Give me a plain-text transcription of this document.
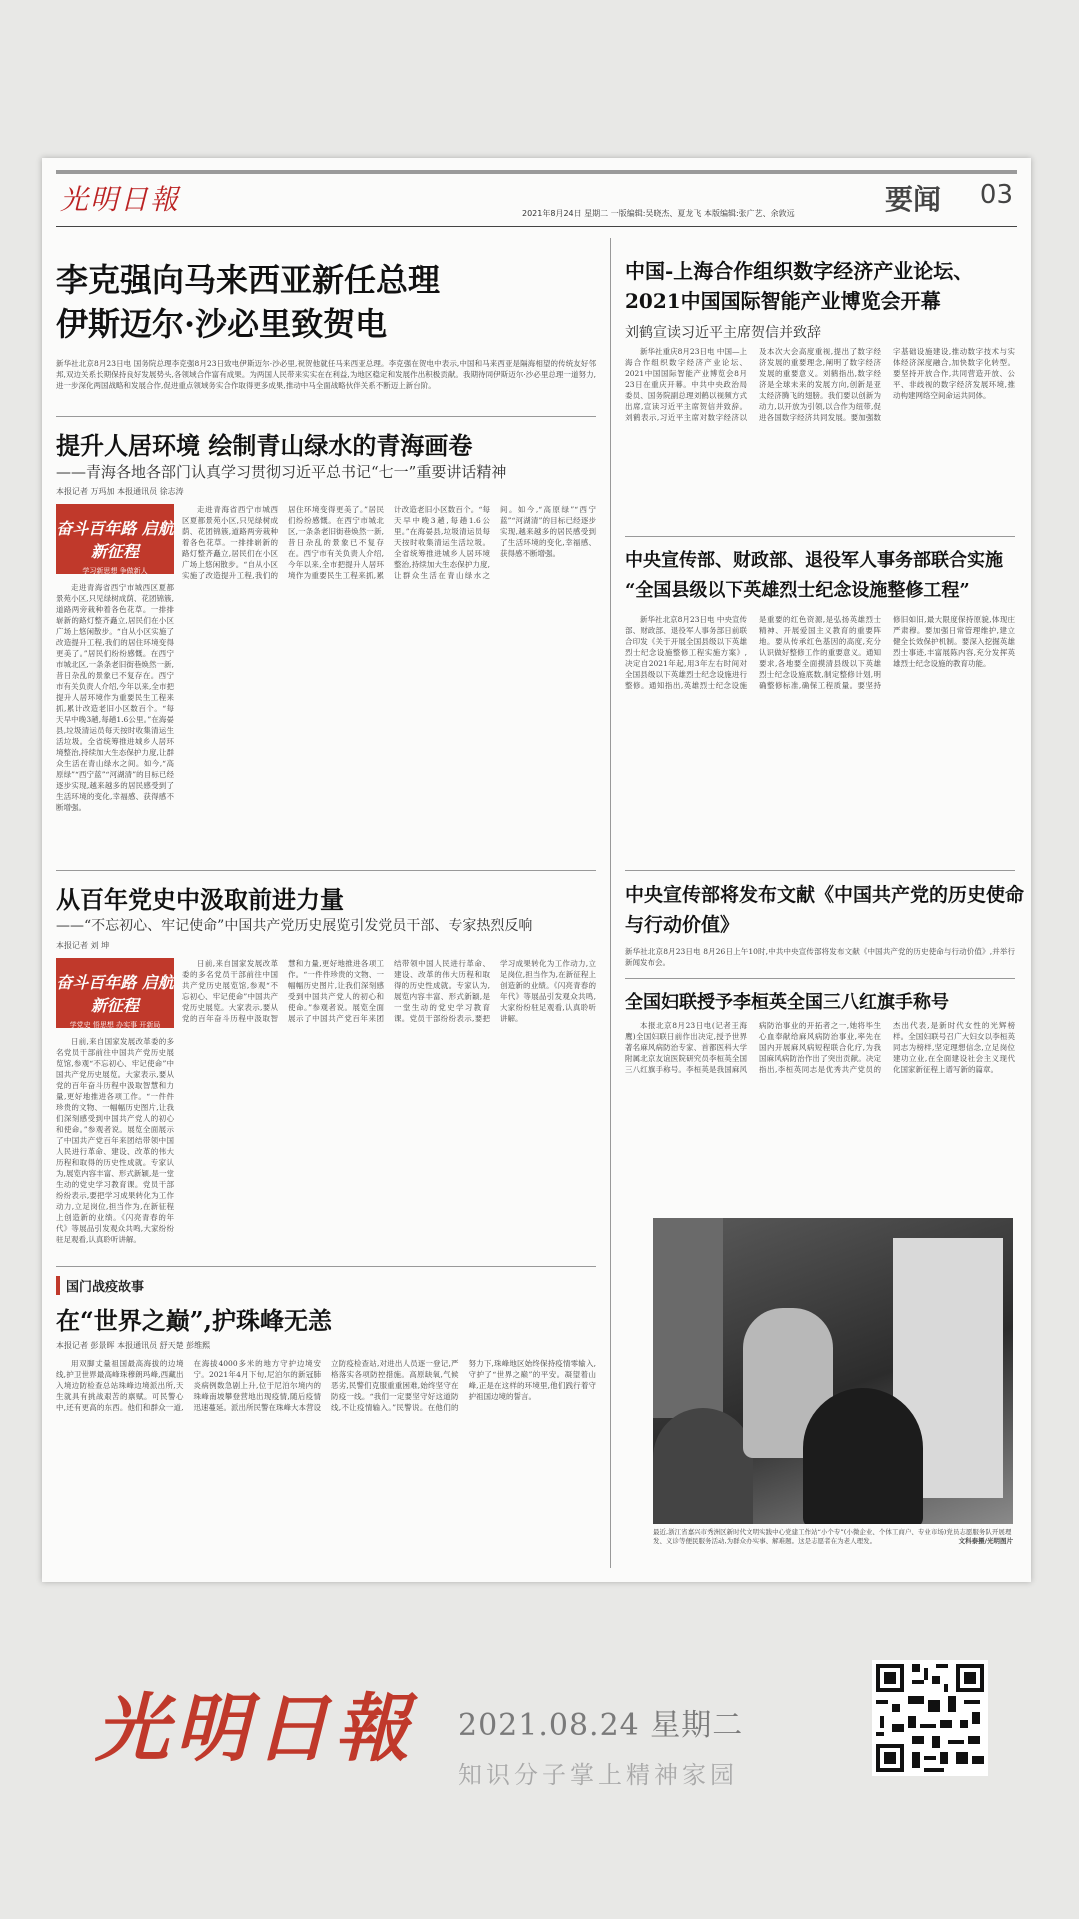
光明日報	要闻 03
2021年8月24日 星期二 一版编辑:吴晓杰、夏龙飞 本版编辑:张广艺、余敦远
李克强向马来西亚新任总理
伊斯迈尔·沙必里致贺电
新华社北京8月23日电 国务院总理李克强8月23日致电伊斯迈尔·沙必里,祝贺他就任马来西亚总理。李克强在贺电中表示,中国和马来西亚是隔海相望的传统友好邻邦,双边关系长期保持良好发展势头,各领域合作富有成果。为两国人民带来实实在在利益,为地区稳定和发展作出积极贡献。我期待同伊斯迈尔·沙必里总理一道努力,进一步深化两国战略和发展合作,促进重点领域务实合作取得更多成果,推动中马全面战略伙伴关系不断迈上新台阶。
提升人居环境 绘制青山绿水的青海画卷
——青海各地各部门认真学习贯彻习近平总书记“七一”重要讲话精神
本报记者 万玛加 本报通讯员 徐志涛
奋斗百年路 启航新征程
学习新思想 争做新人

走进青海省西宁市城西区夏都景苑小区,只见绿树成荫、花团锦簇,道路两旁栽种着各色花草。一排排崭新的路灯整齐矗立,居民们在小区广场上悠闲散步。“自从小区实施了改造提升工程,我们的居住环境变得更美了。”居民们纷纷感慨。在西宁市城北区,一条条老旧街巷焕然一新,昔日杂乱的景象已不复存在。西宁市有关负责人介绍,今年以来,全市把提升人居环境作为重要民生工程来抓,累计改造老旧小区数百个。“每天早中晚3趟,每趟1.6公里。”在海晏县,垃圾清运员每天按时收集清运生活垃圾。全省统筹推进城乡人居环境整治,持续加大生态保护力度,让群众生活在青山绿水之间。如今,“高原绿”“西宁蓝”“河湖清”的目标已经逐步实现,越来越多的居民感受到了生活环境的变化,幸福感、获得感不断增强。

走进青海省西宁市城西区夏都景苑小区,只见绿树成荫、花团锦簇,道路两旁栽种着各色花草。一排排崭新的路灯整齐矗立,居民们在小区广场上悠闲散步。“自从小区实施了改造提升工程,我们的居住环境变得更美了。”居民们纷纷感慨。在西宁市城北区,一条条老旧街巷焕然一新,昔日杂乱的景象已不复存在。西宁市有关负责人介绍,今年以来,全市把提升人居环境作为重要民生工程来抓,累计改造老旧小区数百个。“每天早中晚3趟,每趟1.6公里。”在海晏县,垃圾清运员每天按时收集清运生活垃圾。全省统筹推进城乡人居环境整治,持续加大生态保护力度,让群众生活在青山绿水之间。如今,“高原绿”“西宁蓝”“河湖清”的目标已经逐步实现,越来越多的居民感受到了生活环境的变化,幸福感、获得感不断增强。

从百年党史中汲取前进力量
——“不忘初心、牢记使命”中国共产党历史展览引发党员干部、专家热烈反响
本报记者 刘 坤
奋斗百年路 启航新征程
学党史 悟思想 办实事 开新局

日前,来自国家发展改革委的多名党员干部前往中国共产党历史展览馆,参观“不忘初心、牢记使命”中国共产党历史展览。大家表示,要从党的百年奋斗历程中汲取智慧和力量,更好地推进各项工作。“一件件珍贵的文物、一幅幅历史图片,让我们深刻感受到中国共产党人的初心和使命。”参观者说。展览全面展示了中国共产党百年来团结带领中国人民进行革命、建设、改革的伟大历程和取得的历史性成就。专家认为,展览内容丰富、形式新颖,是一堂生动的党史学习教育课。党员干部纷纷表示,要把学习成果转化为工作动力,立足岗位,担当作为,在新征程上创造新的业绩。《闪亮青春的年代》等展品引发观众共鸣,大家纷纷驻足观看,认真聆听讲解。

日前,来自国家发展改革委的多名党员干部前往中国共产党历史展览馆,参观“不忘初心、牢记使命”中国共产党历史展览。大家表示,要从党的百年奋斗历程中汲取智慧和力量,更好地推进各项工作。“一件件珍贵的文物、一幅幅历史图片,让我们深刻感受到中国共产党人的初心和使命。”参观者说。展览全面展示了中国共产党百年来团结带领中国人民进行革命、建设、改革的伟大历程和取得的历史性成就。专家认为,展览内容丰富、形式新颖,是一堂生动的党史学习教育课。党员干部纷纷表示,要把学习成果转化为工作动力,立足岗位,担当作为,在新征程上创造新的业绩。《闪亮青春的年代》等展品引发观众共鸣,大家纷纷驻足观看,认真聆听讲解。

国门战疫故事
在“世界之巅”,护珠峰无恙
本报记者 彭景晖 本报通讯员 舒天楚 彭维熙

用双脚丈量祖国最高海拔的边境线,护卫世界最高峰珠穆朗玛峰,西藏出入境边防检查总站珠峰边境派出所,天生就具有挑战艰苦的禀赋。可民警心中,还有更高的东西。他们和群众一道,在海拔4000多米的地方守护边境安宁。2021年4月下旬,尼泊尔的新冠肺炎病例数急剧上升,位于尼泊尔境内的珠峰南坡攀登营地出现疫情,随后疫情迅速蔓延。派出所民警在珠峰大本营设立防疫检查站,对进出人员逐一登记,严格落实各项防控措施。高原缺氧,气候恶劣,民警们克服重重困难,始终坚守在防疫一线。“我们一定要坚守好这道防线,不让疫情输入。”民警说。在他们的努力下,珠峰地区始终保持疫情零输入,守护了“世界之巅”的平安。凝望着山峰,正是在这样的环境里,他们践行着守护祖国边境的誓言。

中国-上海合作组织数字经济产业论坛、
2021中国国际智能产业博览会开幕
刘鹤宣读习近平主席贺信并致辞

新华社重庆8月23日电 中国—上海合作组织数字经济产业论坛、2021中国国际智能产业博览会8月23日在重庆开幕。中共中央政治局委员、国务院副总理刘鹤以视频方式出席,宣读习近平主席贺信并致辞。刘鹤表示,习近平主席对数字经济以及本次大会高度重视,提出了数字经济发展的重要理念,阐明了数字经济发展的重要意义。刘鹤指出,数字经济是全球未来的发展方向,创新是亚太经济腾飞的翅膀。我们要以创新为动力,以开放为引领,以合作为纽带,促进各国数字经济共同发展。要加强数字基础设施建设,推动数字技术与实体经济深度融合,加快数字化转型。要坚持开放合作,共同营造开放、公平、非歧视的数字经济发展环境,推动构建网络空间命运共同体。

中央宣传部、财政部、退役军人事务部联合实施
“全国县级以下英雄烈士纪念设施整修工程”

新华社北京8月23日电 中央宣传部、财政部、退役军人事务部日前联合印发《关于开展全国县级以下英雄烈士纪念设施整修工程实施方案》,决定自2021年起,用3年左右时间对全国县级以下英雄烈士纪念设施进行整修。通知指出,英雄烈士纪念设施是重要的红色资源,是弘扬英雄烈士精神、开展爱国主义教育的重要阵地。要从传承红色基因的高度,充分认识做好整修工作的重要意义。通知要求,各地要全面摸清县级以下英雄烈士纪念设施底数,制定整修计划,明确整修标准,确保工程质量。要坚持修旧如旧,最大限度保持原貌,体现庄严肃穆。要加强日常管理维护,建立健全长效保护机制。要深入挖掘英雄烈士事迹,丰富展陈内容,充分发挥英雄烈士纪念设施的教育功能。

中央宣传部将发布文献《中国共产党的历史使命
与行动价值》
新华社北京8月23日电 8月26日上午10时,中共中央宣传部将发布文献《中国共产党的历史使命与行动价值》,并举行新闻发布会。
全国妇联授予李桓英全国三八红旗手称号

本报北京8月23日电(记者王海鹰)全国妇联日前作出决定,授予世界著名麻风病防治专家、首都医科大学附属北京友谊医院研究员李桓英全国三八红旗手称号。李桓英是我国麻风病防治事业的开拓者之一,她将毕生心血奉献给麻风病防治事业,率先在国内开展麻风病短程联合化疗,为我国麻风病防治作出了突出贡献。决定指出,李桓英同志是优秀共产党员的杰出代表,是新时代女性的光辉榜样。全国妇联号召广大妇女以李桓英同志为榜样,坚定理想信念,立足岗位建功立业,在全面建设社会主义现代化国家新征程上谱写新的篇章。

最近,浙江省嘉兴市秀洲区新时代文明实践中心党建工作站“小个专”(小微企业、个体工商户、专业市场)党员志愿服务队开展理发、义诊等便民服务活动,为群众办实事、解难题。这是志愿者在为老人理发。	文科泰摄/光明图片
光明日報 2021.08.24 星期二
知识分子掌上精神家园
